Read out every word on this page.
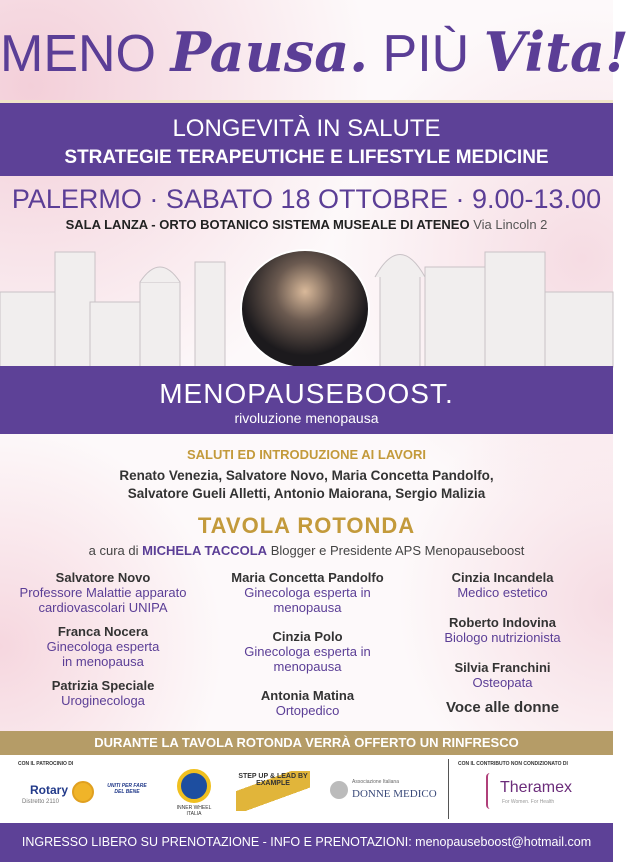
MENO Pausa. PIÙ Vita!
LONGEVITÀ IN SALUTE
STRATEGIE TERAPEUTICHE E LIFESTYLE MEDICINE
PALERMO · SABATO 18 OTTOBRE · 9.00-13.00
SALA LANZA - ORTO BOTANICO SISTEMA MUSEALE DI ATENEO Via Lincoln 2
MENOPAUSEBOOST.
rivoluzione menopausa
SALUTI ED INTRODUZIONE AI LAVORI
Renato Venezia, Salvatore Novo, Maria Concetta Pandolfo,
Salvatore Gueli Alletti, Antonio Maiorana, Sergio Malizia
TAVOLA ROTONDA
a cura di MICHELA TACCOLA Blogger e Presidente APS Menopauseboost
Salvatore Novo
Professore Malattie apparato cardiovascolari UNIPA
Franca Nocera
Ginecologa esperta in menopausa
Patrizia Speciale
Uroginecologa
Maria Concetta Pandolfo
Ginecologa esperta in menopausa
Cinzia Polo
Ginecologa esperta in menopausa
Antonia Matina
Ortopedico
Cinzia Incandela
Medico estetico
Roberto Indovina
Biologo nutrizionista
Silvia Franchini
Osteopata
Voce alle donne
DURANTE LA TAVOLA ROTONDA VERRÀ OFFERTO UN RINFRESCO
CON IL PATROCINIO DI
Rotary
Distretto 2110
UNITI PER FARE DEL BENE
INNER WHEEL ITALIA
STEP UP & LEAD BY EXAMPLE	Associazione Italiana
DONNE MEDICO
CON IL CONTRIBUTO NON CONDIZIONATO DI
Theramex
For Women. For Health
INGRESSO LIBERO SU PRENOTAZIONE - INFO E PRENOTAZIONI: menopauseboost@hotmail.com
